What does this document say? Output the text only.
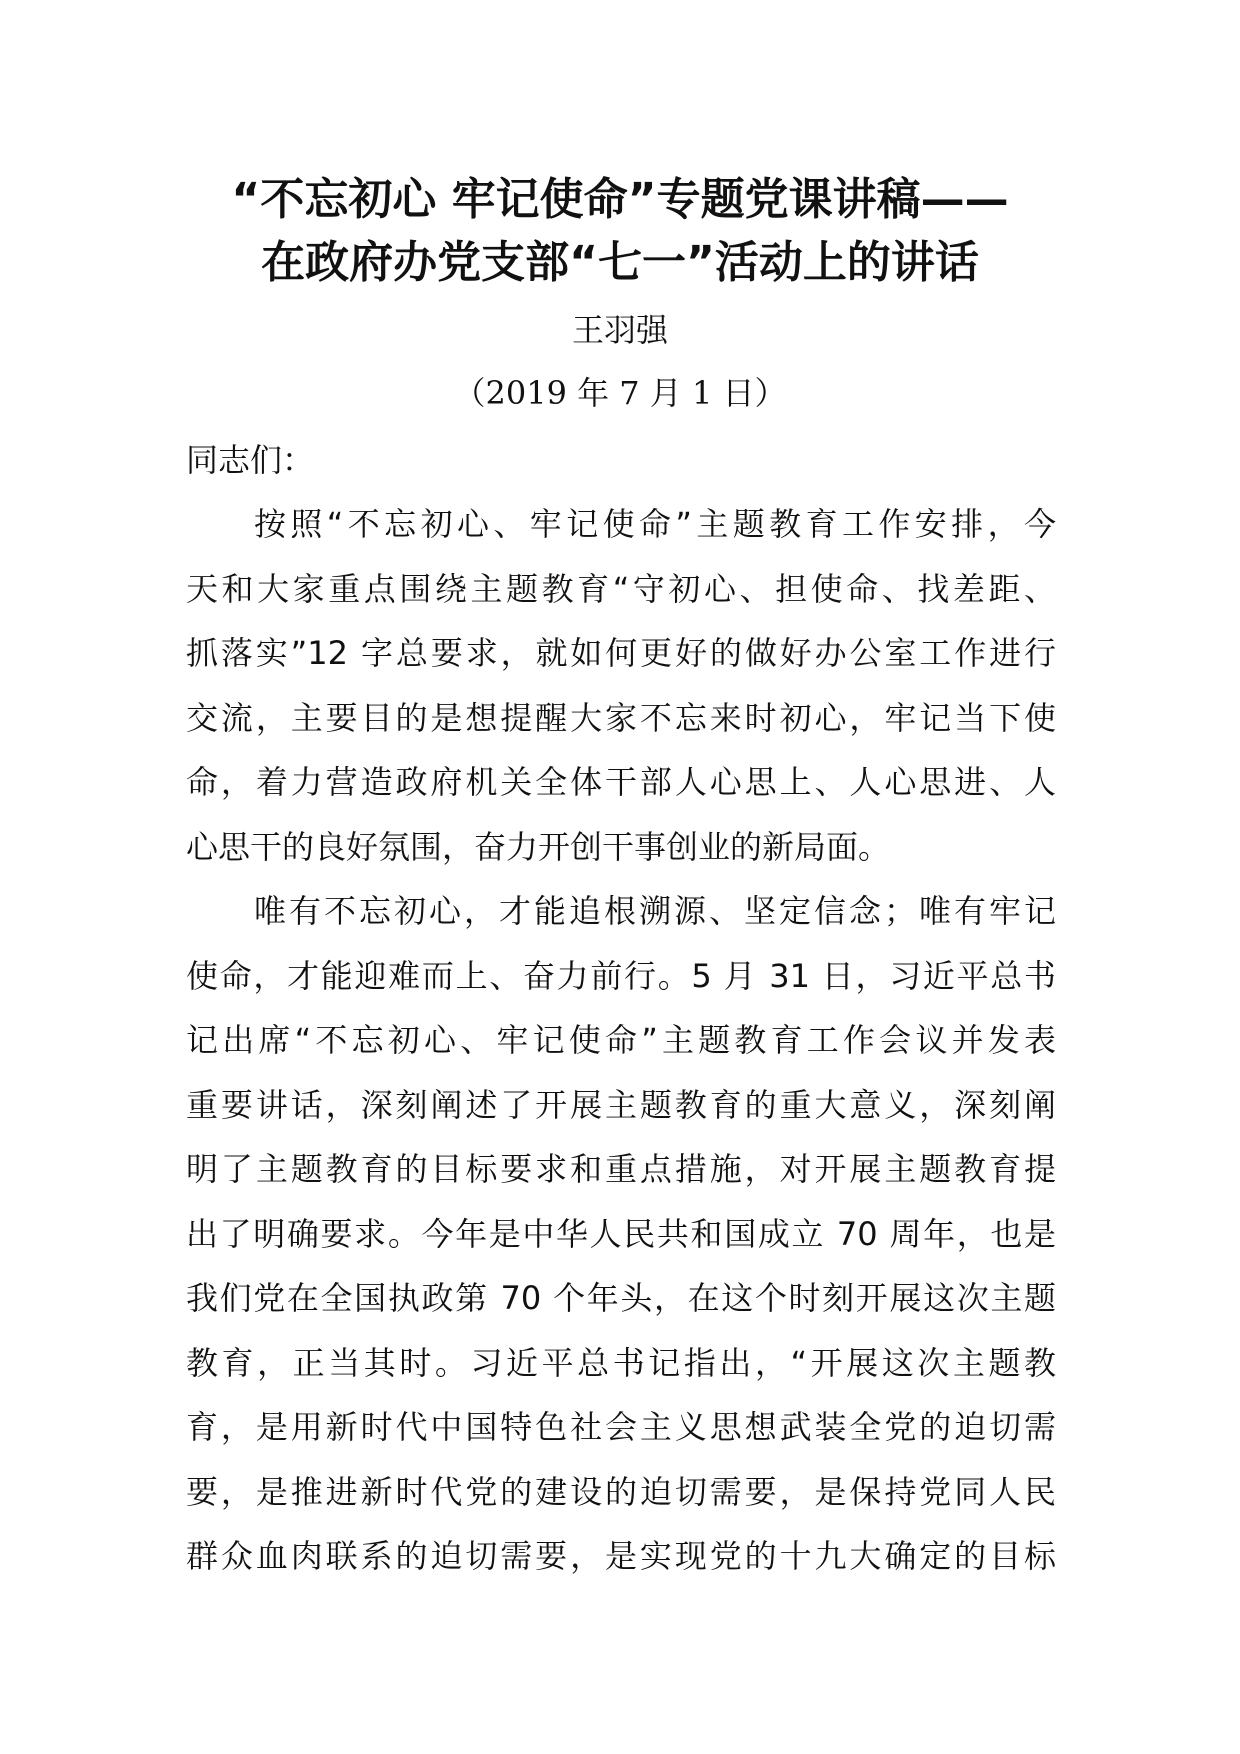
“不忘初心 牢记使命”专题党课讲稿——
在政府办党支部“七一”活动上的讲话
王羽强
（2019 年 7 月 1 日）
同志们：
按照“不忘初心、牢记使命”主题教育工作安排，今
天和大家重点围绕主题教育“守初心、担使命、找差距、
抓落实”12 字总要求，就如何更好的做好办公室工作进行
交流，主要目的是想提醒大家不忘来时初心，牢记当下使
命，着力营造政府机关全体干部人心思上、人心思进、人
心思干的良好氛围，奋力开创干事创业的新局面。
唯有不忘初心，才能追根溯源、坚定信念；唯有牢记
使命，才能迎难而上、奋力前行。5 月 31 日，习近平总书
记出席“不忘初心、牢记使命”主题教育工作会议并发表
重要讲话，深刻阐述了开展主题教育的重大意义，深刻阐
明了主题教育的目标要求和重点措施，对开展主题教育提
出了明确要求。今年是中华人民共和国成立 70 周年，也是
我们党在全国执政第 70 个年头，在这个时刻开展这次主题
教育，正当其时。习近平总书记指出，“开展这次主题教
育，是用新时代中国特色社会主义思想武装全党的迫切需
要，是推进新时代党的建设的迫切需要，是保持党同人民
群众血肉联系的迫切需要，是实现党的十九大确定的目标
